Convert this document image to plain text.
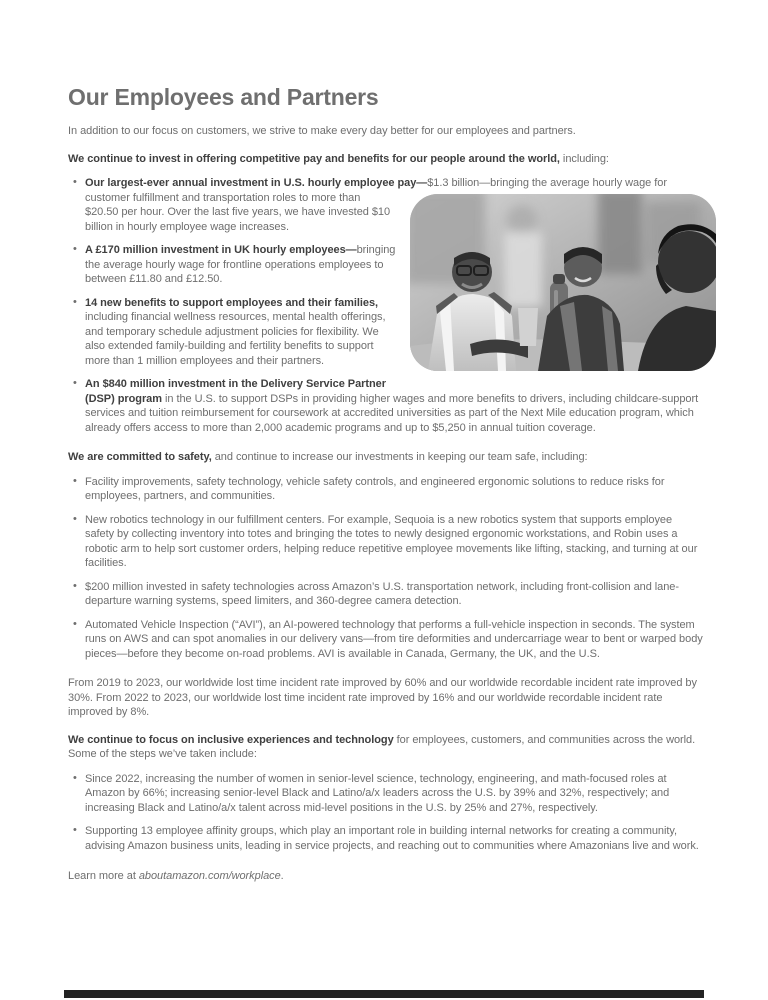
Our Employees and Partners

In addition to our focus on customers, we strive to make every day better for our employees and partners.

We continue to invest in offering competitive pay and benefits for our people around the world, including:

• Our largest-ever annual investment in U.S. hourly employee pay—
$1.3 billion—bringing the average hourly wage for customer fulfillment and transportation roles to more than $20.50 per hour. Over the last five years, we have invested $10 billion in hourly employee wage increases.
• A £170 million investment in UK hourly employees—bringing the average hourly wage for frontline operations employees to between £11.80 and £12.50.
• 14 new benefits to support employees and their families, including financial wellness resources, mental health offerings, and temporary schedule adjustment policies for flexibility. We also extended family-building and fertility benefits to support more than 1 million employees and their partners.
• An $840 million investment in the Delivery Service Partner (DSP) program in the U.S. to support DSPs in providing higher wages and more benefits to drivers, including childcare-support services and tuition reimbursement for coursework at accredited universities as part of the Next Mile education program, which already offers access to more than 2,000 academic programs and up to $5,250 in annual tuition coverage.

We are committed to safety, and continue to increase our investments in keeping our team safe, including:

• Facility improvements, safety technology, vehicle safety controls, and engineered ergonomic solutions to reduce risks for employees, partners, and communities.
• New robotics technology in our fulfillment centers. For example, Sequoia is a new robotics system that supports employee safety by collecting inventory into totes and bringing the totes to newly designed ergonomic workstations, and Robin uses a robotic arm to help sort customer orders, helping reduce repetitive employee movements like lifting, stacking, and turning at our facilities.
• $200 million invested in safety technologies across Amazon’s U.S. transportation network, including front-collision and lane-departure warning systems, speed limiters, and 360-degree camera detection.
• Automated Vehicle Inspection (“AVI”), an AI-powered technology that performs a full-vehicle inspection in seconds. The system runs on AWS and can spot anomalies in our delivery vans—from tire deformities and undercarriage wear to bent or warped body pieces—before they become on-road problems. AVI is available in Canada, Germany, the UK, and the U.S.

From 2019 to 2023, our worldwide lost time incident rate improved by 60% and our worldwide recordable incident rate improved by 30%. From 2022 to 2023, our worldwide lost time incident rate improved by 16% and our worldwide recordable incident rate improved by 8%.

We continue to focus on inclusive experiences and technology for employees, customers, and communities across the world. Some of the steps we’ve taken include:

• Since 2022, increasing the number of women in senior-level science, technology, engineering, and math-focused roles at Amazon by 66%; increasing senior-level Black and Latino/a/x leaders across the U.S. by 39% and 32%, respectively; and increasing Black and Latino/a/x talent across mid-level positions in the U.S. by 25% and 27%, respectively.
• Supporting 13 employee affinity groups, which play an important role in building internal networks for creating a community, advising Amazon business units, leading in service projects, and reaching out to communities where Amazonians live and work.

Learn more at aboutamazon.com/workplace.
